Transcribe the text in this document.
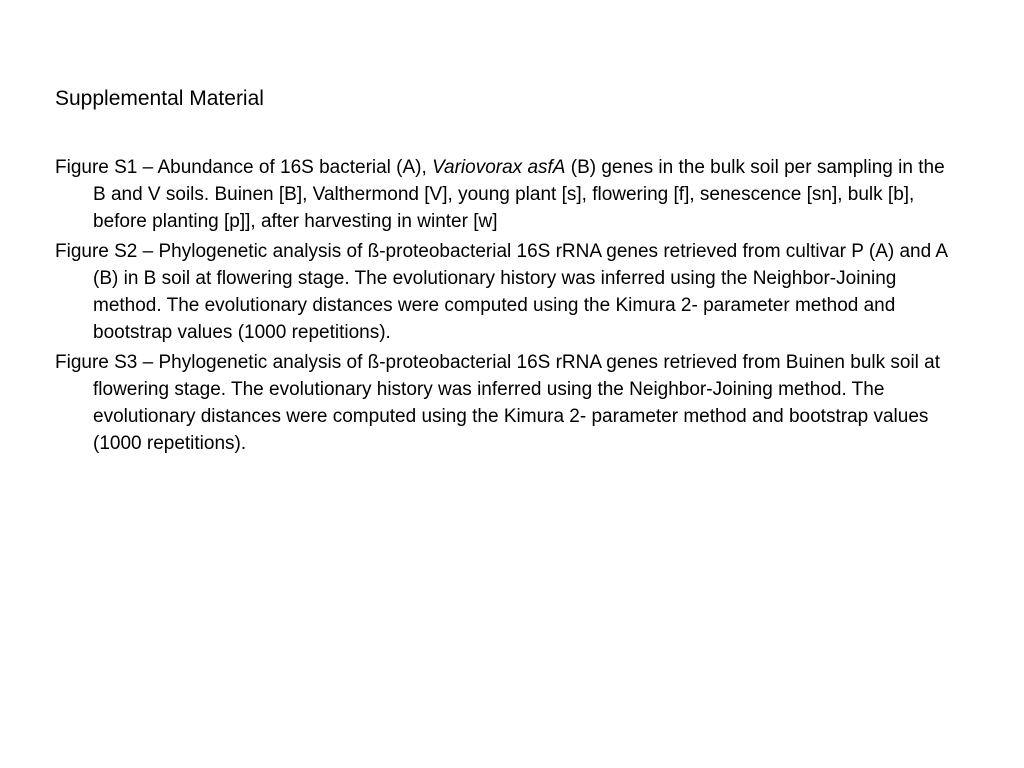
Supplemental Material

Figure S1 – Abundance of 16S bacterial (A), Variovorax asfA (B) genes in the bulk soil per sampling in the B and V soils. Buinen [B], Valthermond [V], young plant [s], flowering [f], senescence [sn], bulk [b], before planting [p]], after harvesting in winter [w]

Figure S2 – Phylogenetic analysis of ß-proteobacterial 16S rRNA genes retrieved from cultivar P (A) and A (B) in B soil at flowering stage. The evolutionary history was inferred using the Neighbor-Joining method. The evolutionary distances were computed using the Kimura 2- parameter method and bootstrap values (1000 repetitions).

Figure S3 – Phylogenetic analysis of ß-proteobacterial 16S rRNA genes retrieved from Buinen bulk soil at flowering stage. The evolutionary history was inferred using the Neighbor-Joining method. The evolutionary distances were computed using the Kimura 2- parameter method and bootstrap values (1000 repetitions).
